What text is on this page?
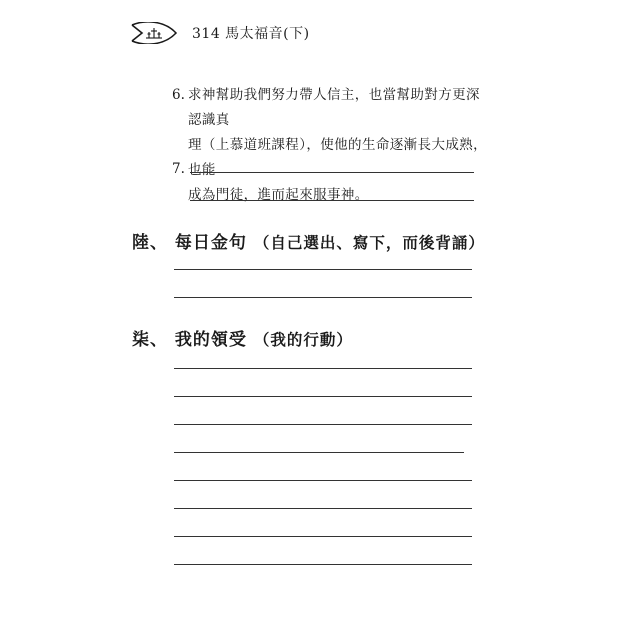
314 馬太福音(下)
6. 求神幫助我們努力帶人信主，也當幫助對方更深認識真
理（上慕道班課程），使他的生命逐漸長大成熟，也能
成為門徒，進而起來服事神。
7.
陸、 每日金句 （自己選出、寫下，而後背誦）
柒、 我的領受 （我的行動）
